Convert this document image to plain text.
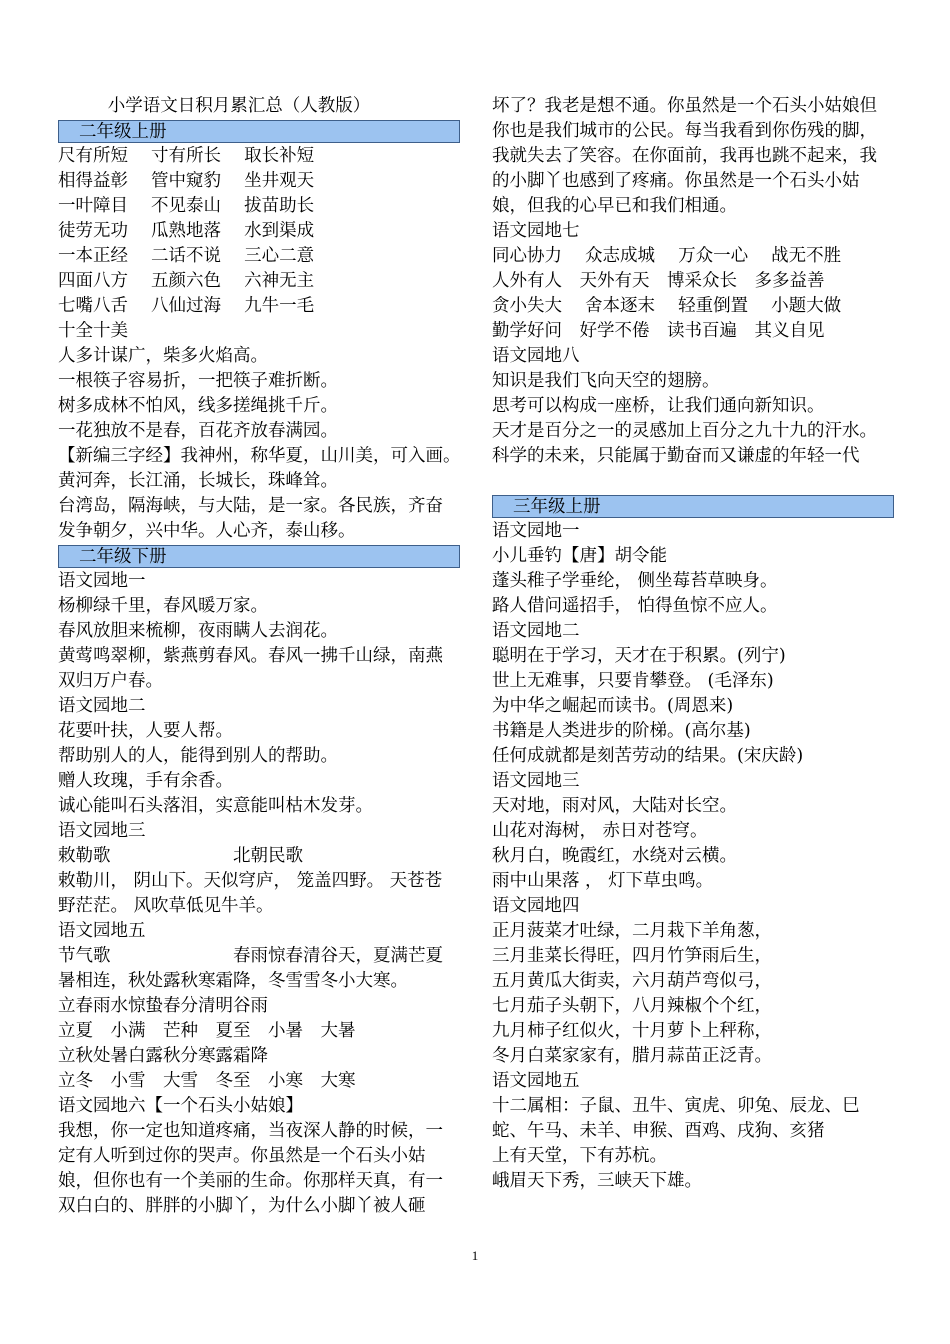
小学语文日积月累汇总（人教版）
二年级上册
尺有所短　 寸有所长　 取长补短
相得益彰　 管中窥豹　 坐井观天
一叶障目　 不见泰山　 拔苗助长
徒劳无功　 瓜熟地落　 水到渠成
一本正经　 二话不说　 三心二意
四面八方　 五颜六色　 六神无主
七嘴八舌　 八仙过海　 九牛一毛
十全十美
人多计谋广，柴多火焰高。
一根筷子容易折，一把筷子难折断。
树多成林不怕风，线多搓绳挑千斤。
一花独放不是春，百花齐放春满园。
【新编三字经】我神州，称华夏，山川美，可入画。
黄河奔，长江涌，长城长，珠峰耸。
台湾岛，隔海峡，与大陆，是一家。各民族，齐奋发争朝夕，兴中华。人心齐，泰山移。
二年级下册
语文园地一
杨柳绿千里，春风暖万家。
春风放胆来梳柳，夜雨瞒人去润花。
黄莺鸣翠柳，紫燕剪春风。春风一拂千山绿，南燕双归万户春。
语文园地二
花要叶扶，人要人帮。
帮助别人的人，能得到别人的帮助。
赠人玫瑰，手有余香。
诚心能叫石头落泪，实意能叫枯木发芽。
语文园地三
敕勒歌　　　　　　　北朝民歌
敕勒川， 阴山下。天似穹庐， 笼盖四野。 天苍苍　野茫茫。 风吹草低见牛羊。
语文园地五
节气歌　　　　　　　春雨惊春清谷天，夏满芒夏暑相连，秋处露秋寒霜降，冬雪雪冬小大寒。
立春雨水惊蛰春分清明谷雨
立夏　小满　芒种　夏至　小暑　大暑
立秋处暑白露秋分寒露霜降
立冬　小雪　大雪　冬至　小寒　大寒
语文园地六【一个石头小姑娘】
我想，你一定也知道疼痛，当夜深人静的时候，一定有人听到过你的哭声。你虽然是一个石头小姑娘，但你也有一个美丽的生命。你那样天真，有一双白白的、胖胖的小脚丫，为什么小脚丫被人砸
坏了？我老是想不通。你虽然是一个石头小姑娘但你也是我们城市的公民。每当我看到你伤残的脚，我就失去了笑容。在你面前，我再也跳不起来，我的小脚丫也感到了疼痛。你虽然是一个石头小姑娘，但我的心早已和我们相通。
语文园地七
同心协力　 众志成城　 万众一心　 战无不胜
人外有人　天外有天　博采众长　多多益善
贪小失大　 舍本逐末　 轻重倒置　 小题大做
勤学好问　好学不倦　读书百遍　其义自见
语文园地八
知识是我们飞向天空的翅膀。
思考可以构成一座桥，让我们通向新知识。
天才是百分之一的灵感加上百分之九十九的汗水。
科学的未来，只能属于勤奋而又谦虚的年轻一代
三年级上册
语文园地一
小儿垂钓【唐】胡令能
蓬头稚子学垂纶， 侧坐莓苔草映身。
路人借问遥招手， 怕得鱼惊不应人。
语文园地二
聪明在于学习，天才在于积累。(列宁)
世上无难事，只要肯攀登。 (毛泽东)
为中华之崛起而读书。(周恩来)
书籍是人类进步的阶梯。(高尔基)
任何成就都是刻苦劳动的结果。(宋庆龄)
语文园地三
天对地，雨对风，大陆对长空。
山花对海树， 赤日对苍穹。
秋月白，晚霞红，水绕对云横。
雨中山果落 ， 灯下草虫鸣。
语文园地四
正月菠菜才吐绿，二月栽下羊角葱，
三月韭菜长得旺，四月竹笋雨后生，
五月黄瓜大街卖，六月葫芦弯似弓，
七月茄子头朝下，八月辣椒个个红，
九月柿子红似火，十月萝卜上秤称，
冬月白菜家家有，腊月蒜苗正泛青。
语文园地五
十二属相：子鼠、丑牛、寅虎、卯兔、辰龙、巳蛇、午马、未羊、申猴、酉鸡、戌狗、亥猪
上有天堂，下有苏杭。
峨眉天下秀，三峡天下雄。
1
